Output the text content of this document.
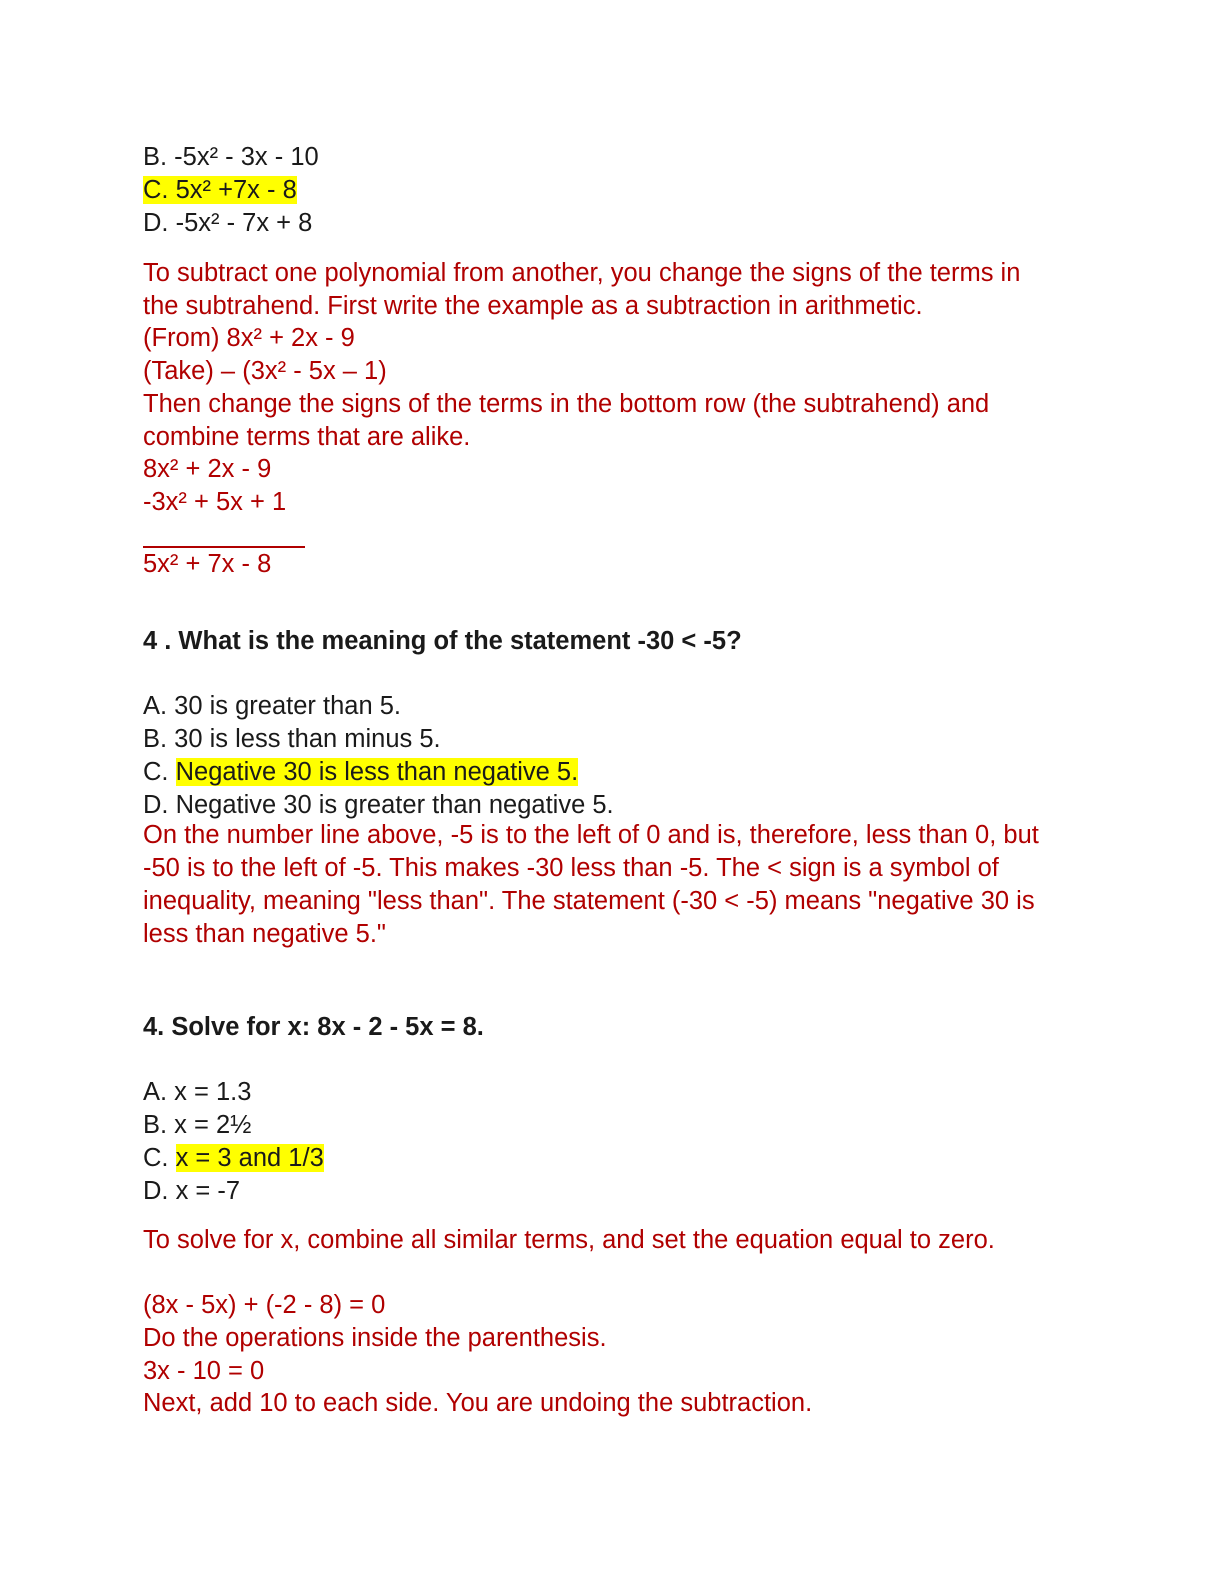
B. -5x² - 3x - 10
C. 5x² +7x - 8
D. -5x² - 7x + 8
To subtract one polynomial from another, you change the signs of the terms in
the subtrahend. First write the example as a subtraction in arithmetic.
(From) 8x² + 2x - 9
(Take) – (3x² - 5x – 1)
Then change the signs of the terms in the bottom row (the subtrahend) and
combine terms that are alike.
8x² + 2x - 9
-3x² + 5x + 1
5x² + 7x - 8
4 . What is the meaning of the statement -30 < -5?
A. 30 is greater than 5.
B. 30 is less than minus 5.
C. Negative 30 is less than negative 5.
D. Negative 30 is greater than negative 5.
On the number line above, -5 is to the left of 0 and is, therefore, less than 0, but
-50 is to the left of -5. This makes -30 less than -5. The < sign is a symbol of
inequality, meaning "less than". The statement (-30 < -5) means "negative 30 is
less than negative 5."
4. Solve for x: 8x - 2 - 5x = 8.
A. x = 1.3
B. x = 2½
C. x = 3 and 1/3
D. x = -7
To solve for x, combine all similar terms, and set the equation equal to zero.
(8x - 5x) + (-2 - 8) = 0
Do the operations inside the parenthesis.
3x - 10 = 0
Next, add 10 to each side. You are undoing the subtraction.
